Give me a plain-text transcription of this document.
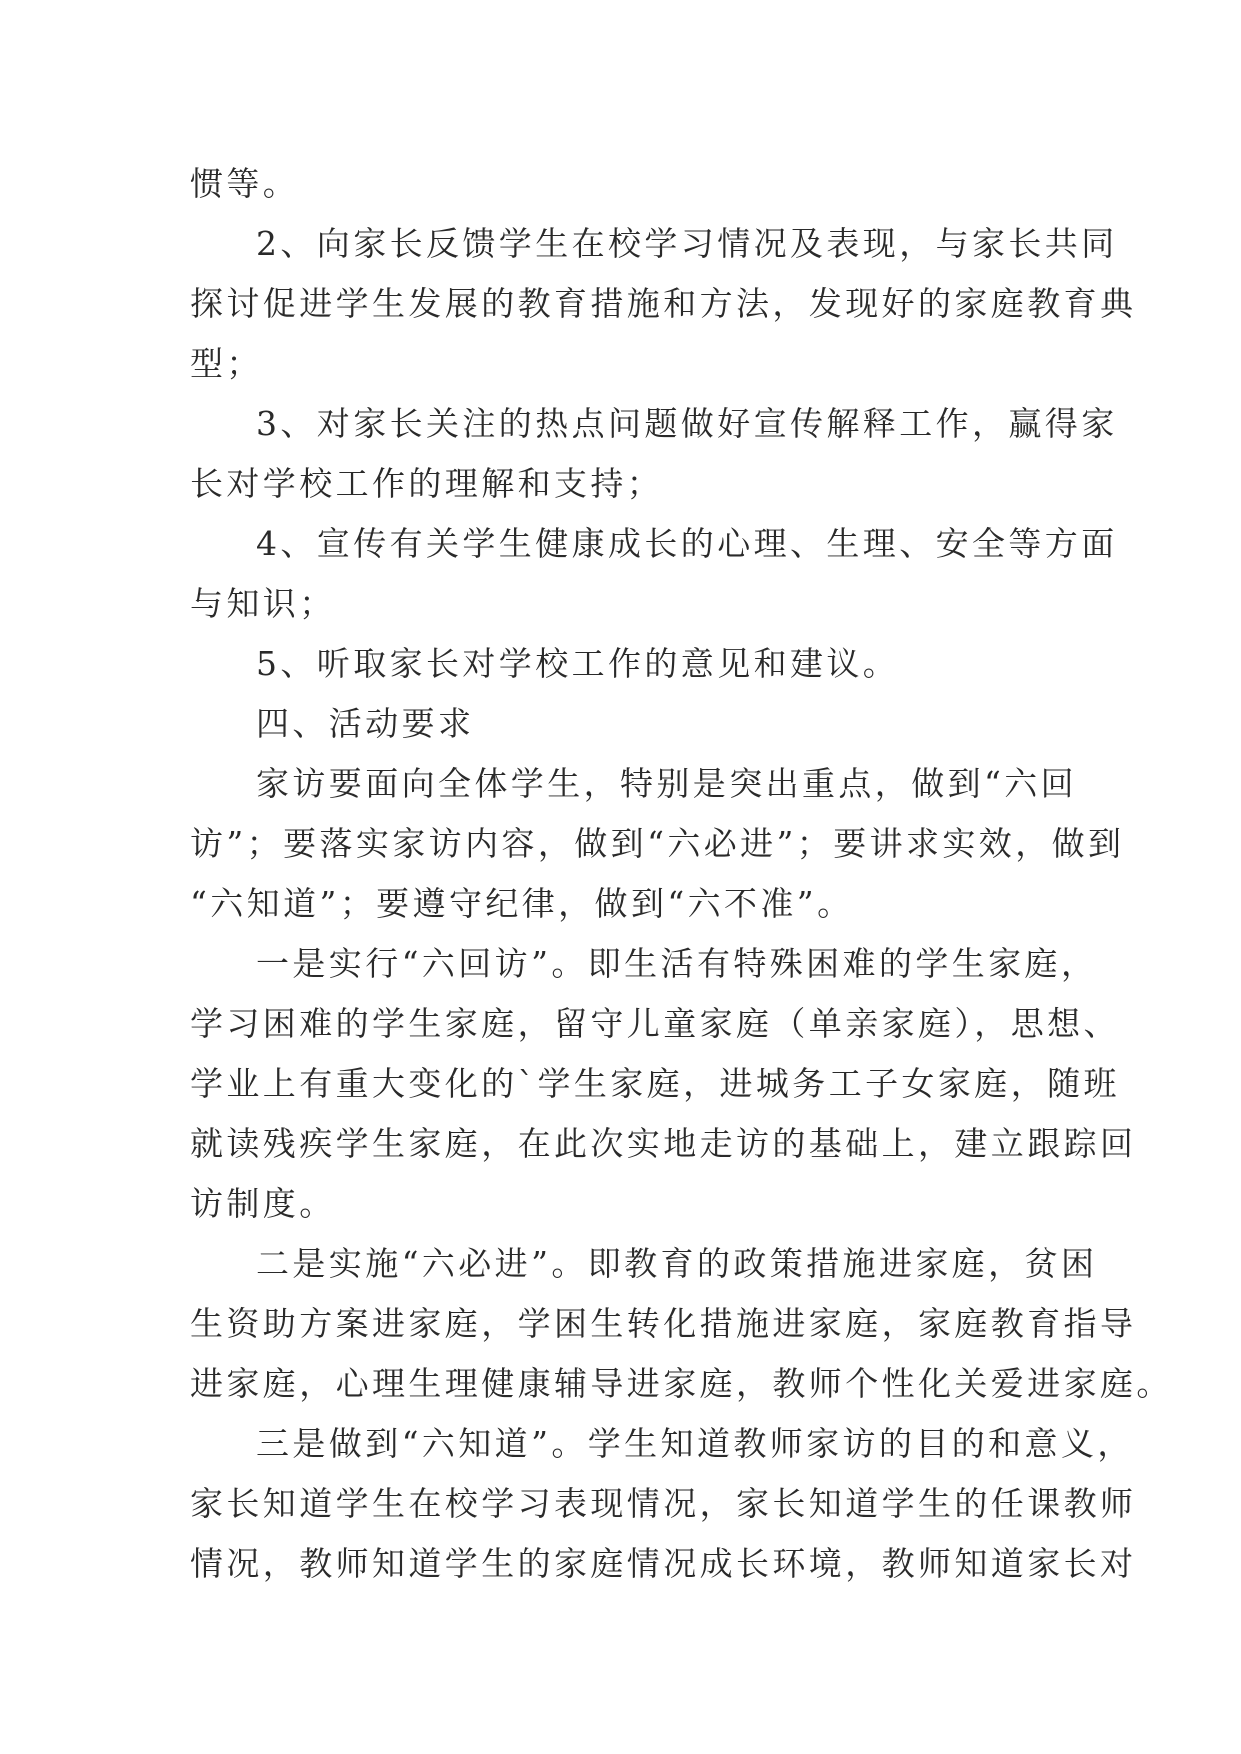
惯等。
2、向家长反馈学生在校学习情况及表现，与家长共同
探讨促进学生发展的教育措施和方法，发现好的家庭教育典
型；
3、对家长关注的热点问题做好宣传解释工作，赢得家
长对学校工作的理解和支持；
4、宣传有关学生健康成长的心理、生理、安全等方面
与知识；
5、听取家长对学校工作的意见和建议。
四、活动要求
家访要面向全体学生，特别是突出重点，做到“六回
访”；要落实家访内容，做到“六必进”；要讲求实效，做到
“六知道”；要遵守纪律，做到“六不准”。
一是实行“六回访”。即生活有特殊困难的学生家庭，
学习困难的学生家庭，留守儿童家庭（单亲家庭），思想、
学业上有重大变化的`学生家庭，进城务工子女家庭，随班
就读残疾学生家庭，在此次实地走访的基础上，建立跟踪回
访制度。
二是实施“六必进”。即教育的政策措施进家庭，贫困
生资助方案进家庭，学困生转化措施进家庭，家庭教育指导
进家庭，心理生理健康辅导进家庭，教师个性化关爱进家庭。
三是做到“六知道”。学生知道教师家访的目的和意义，
家长知道学生在校学习表现情况，家长知道学生的任课教师
情况，教师知道学生的家庭情况成长环境，教师知道家长对
